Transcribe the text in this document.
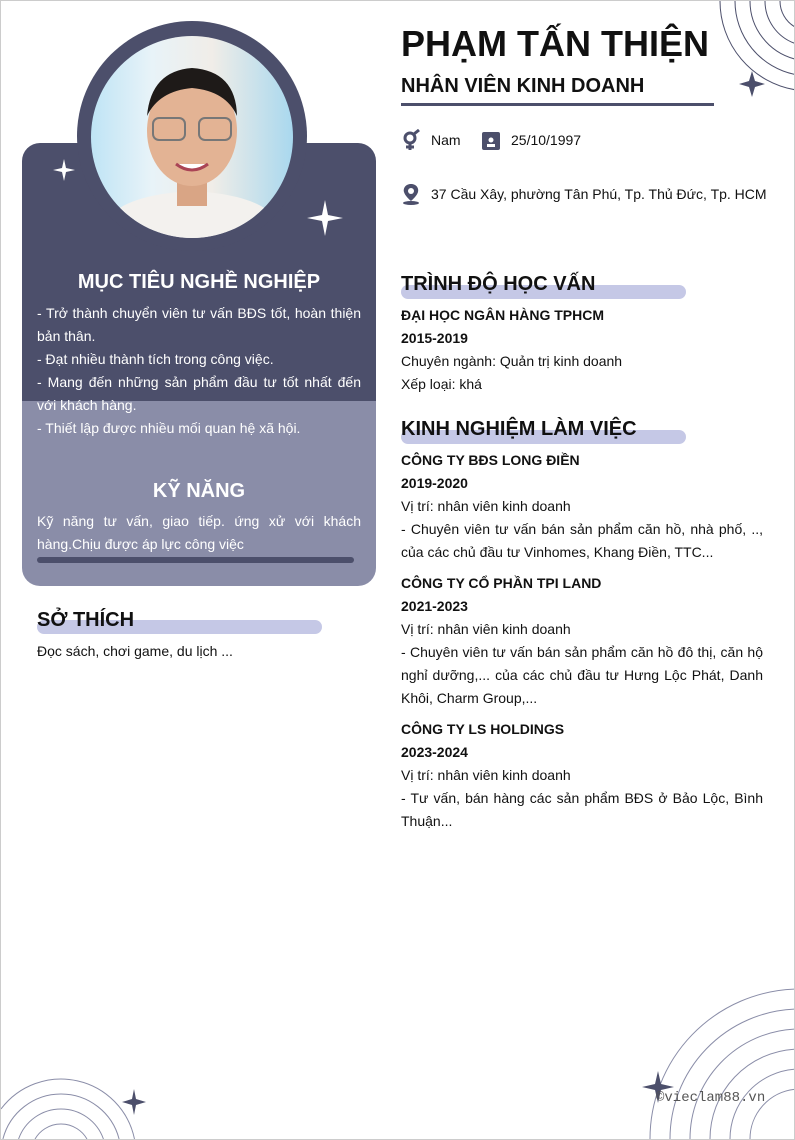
MỤC TIÊU NGHỀ NGHIỆP
- Trở thành chuyển viên tư vấn BĐS tốt, hoàn thiện bản thân.
- Đạt nhiều thành tích trong công việc.
- Mang đến những sản phẩm đầu tư tốt nhất đến với khách hàng.
- Thiết lập được nhiều mối quan hệ xã hội.
KỸ NĂNG
Kỹ năng tư vấn, giao tiếp. ứng xử với khách hàng.Chịu được áp lực công việc
SỞ THÍCH
Đọc sách, chơi game, du lịch ...
PHẠM TẤN THIỆN
NHÂN VIÊN KINH DOANH
Nam	25/10/1997
37 Cầu Xây, phường Tân Phú, Tp. Thủ Đức, Tp. HCM
TRÌNH ĐỘ HỌC VẤN
ĐẠI HỌC NGÂN HÀNG TPHCM
2015-2019
Chuyên ngành: Quản trị kinh doanh
Xếp loại: khá
KINH NGHIỆM LÀM VIỆC
CÔNG TY BĐS LONG ĐIỀN
2019-2020
Vị trí: nhân viên kinh doanh
- Chuyên viên tư vấn bán sản phẩm căn hồ, nhà phố, .., của các chủ đầu tư Vinhomes, Khang Điền, TTC...
CÔNG TY CỔ PHẦN TPI LAND
2021-2023
Vị trí: nhân viên kinh doanh
- Chuyên viên tư vấn bán sản phẩm căn hồ đô thị, căn hộ nghỉ dưỡng,... của các chủ đầu tư Hưng Lộc Phát, Danh Khôi, Charm Group,...
CÔNG TY LS HOLDINGS
2023-2024
Vị trí: nhân viên kinh doanh
- Tư vấn, bán hàng các sản phẩm BĐS ở Bảo Lộc, Bình Thuận...
©vieclam88.vn
